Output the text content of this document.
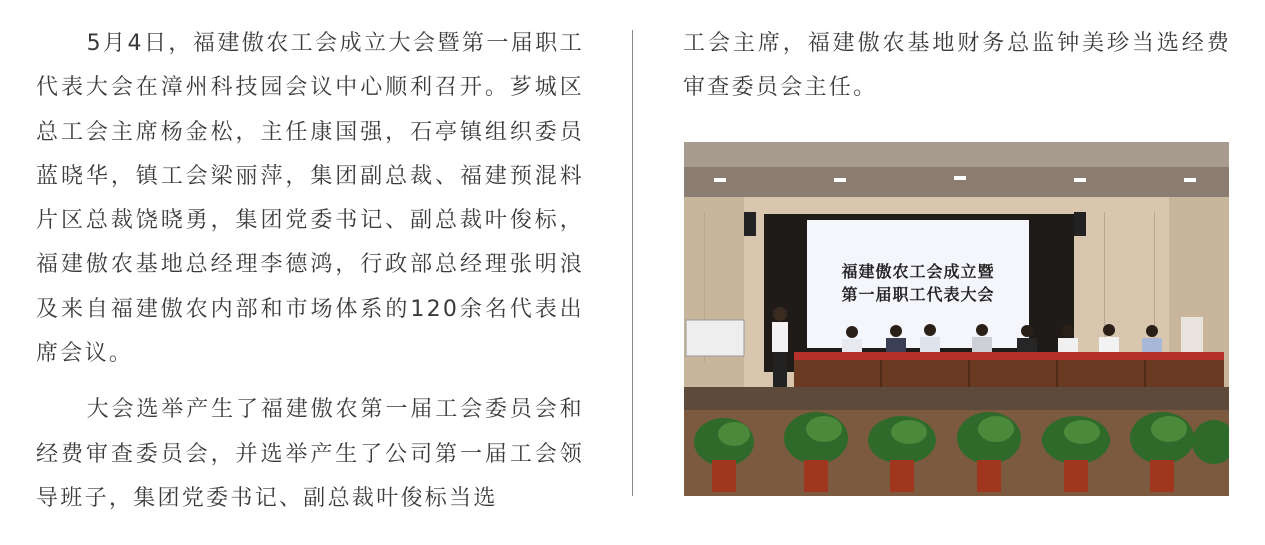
5月4日，福建傲农工会成立大会暨第一届职工代表大会在漳州科技园会议中心顺利召开。芗城区总工会主席杨金松，主任康国强，石亭镇组织委员蓝晓华，镇工会梁丽萍，集团副总裁、福建预混料片区总裁饶晓勇，集团党委书记、副总裁叶俊标，福建傲农基地总经理李德鸿，行政部总经理张明浪及来自福建傲农内部和市场体系的120余名代表出席会议。

大会选举产生了福建傲农第一届工会委员会和经费审查委员会，并选举产生了公司第一届工会领导班子，集团党委书记、副总裁叶俊标当选

工会主席，福建傲农基地财务总监钟美珍当选经费审查委员会主任。

福建傲农工会成立暨
第一届职工代表大会
